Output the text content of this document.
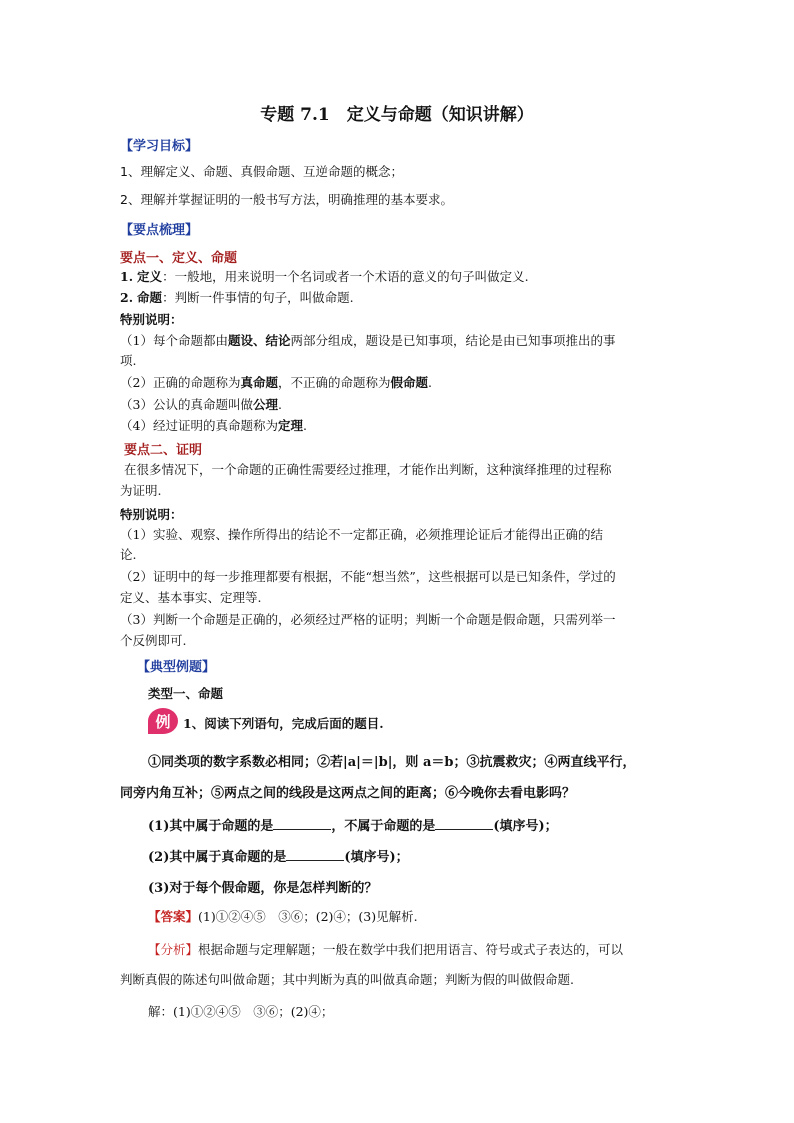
专题 7.1　定义与命题（知识讲解）
【学习目标】
1、理解定义、命题、真假命题、互逆命题的概念；
2、理解并掌握证明的一般书写方法，明确推理的基本要求。
【要点梳理】
要点一、定义、命题
1. 定义：一般地，用来说明一个名词或者一个术语的意义的句子叫做定义.
2. 命题：判断一件事情的句子，叫做命题.
特别说明：
（1）每个命题都由题设、结论两部分组成，题设是已知事项，结论是由已知事项推出的事
项.
（2）正确的命题称为真命题，不正确的命题称为假命题.
（3）公认的真命题叫做公理.
（4）经过证明的真命题称为定理.
要点二、证明
在很多情况下，一个命题的正确性需要经过推理，才能作出判断，这种演绎推理的过程称
为证明.
特别说明：
（1）实验、观察、操作所得出的结论不一定都正确，必须推理论证后才能得出正确的结
论.
（2）证明中的每一步推理都要有根据，不能“想当然”，这些根据可以是已知条件，学过的
定义、基本事实、定理等.
（3）判断一个命题是正确的，必须经过严格的证明；判断一个命题是假命题，只需列举一
个反例即可.
【典型例题】
类型一、命题
例	1、阅读下列语句，完成后面的题目.
①同类项的数字系数必相同；②若|a|＝|b|，则 a＝b；③抗震救灾；④两直线平行，
同旁内角互补；⑤两点之间的线段是这两点之间的距离；⑥今晚你去看电影吗？
(1)其中属于命题的是	，不属于命题的是	(填序号)；
(2)其中属于真命题的是	(填序号)；
(3)对于每个假命题，你是怎样判断的？
【答案】(1)①②④⑤　③⑥；(2)④；(3)见解析.
【分析】根据命题与定理解题；一般在数学中我们把用语言、符号或式子表达的，可以
判断真假的陈述句叫做命题；其中判断为真的叫做真命题；判断为假的叫做假命题.
解：(1)①②④⑤　③⑥；(2)④；
